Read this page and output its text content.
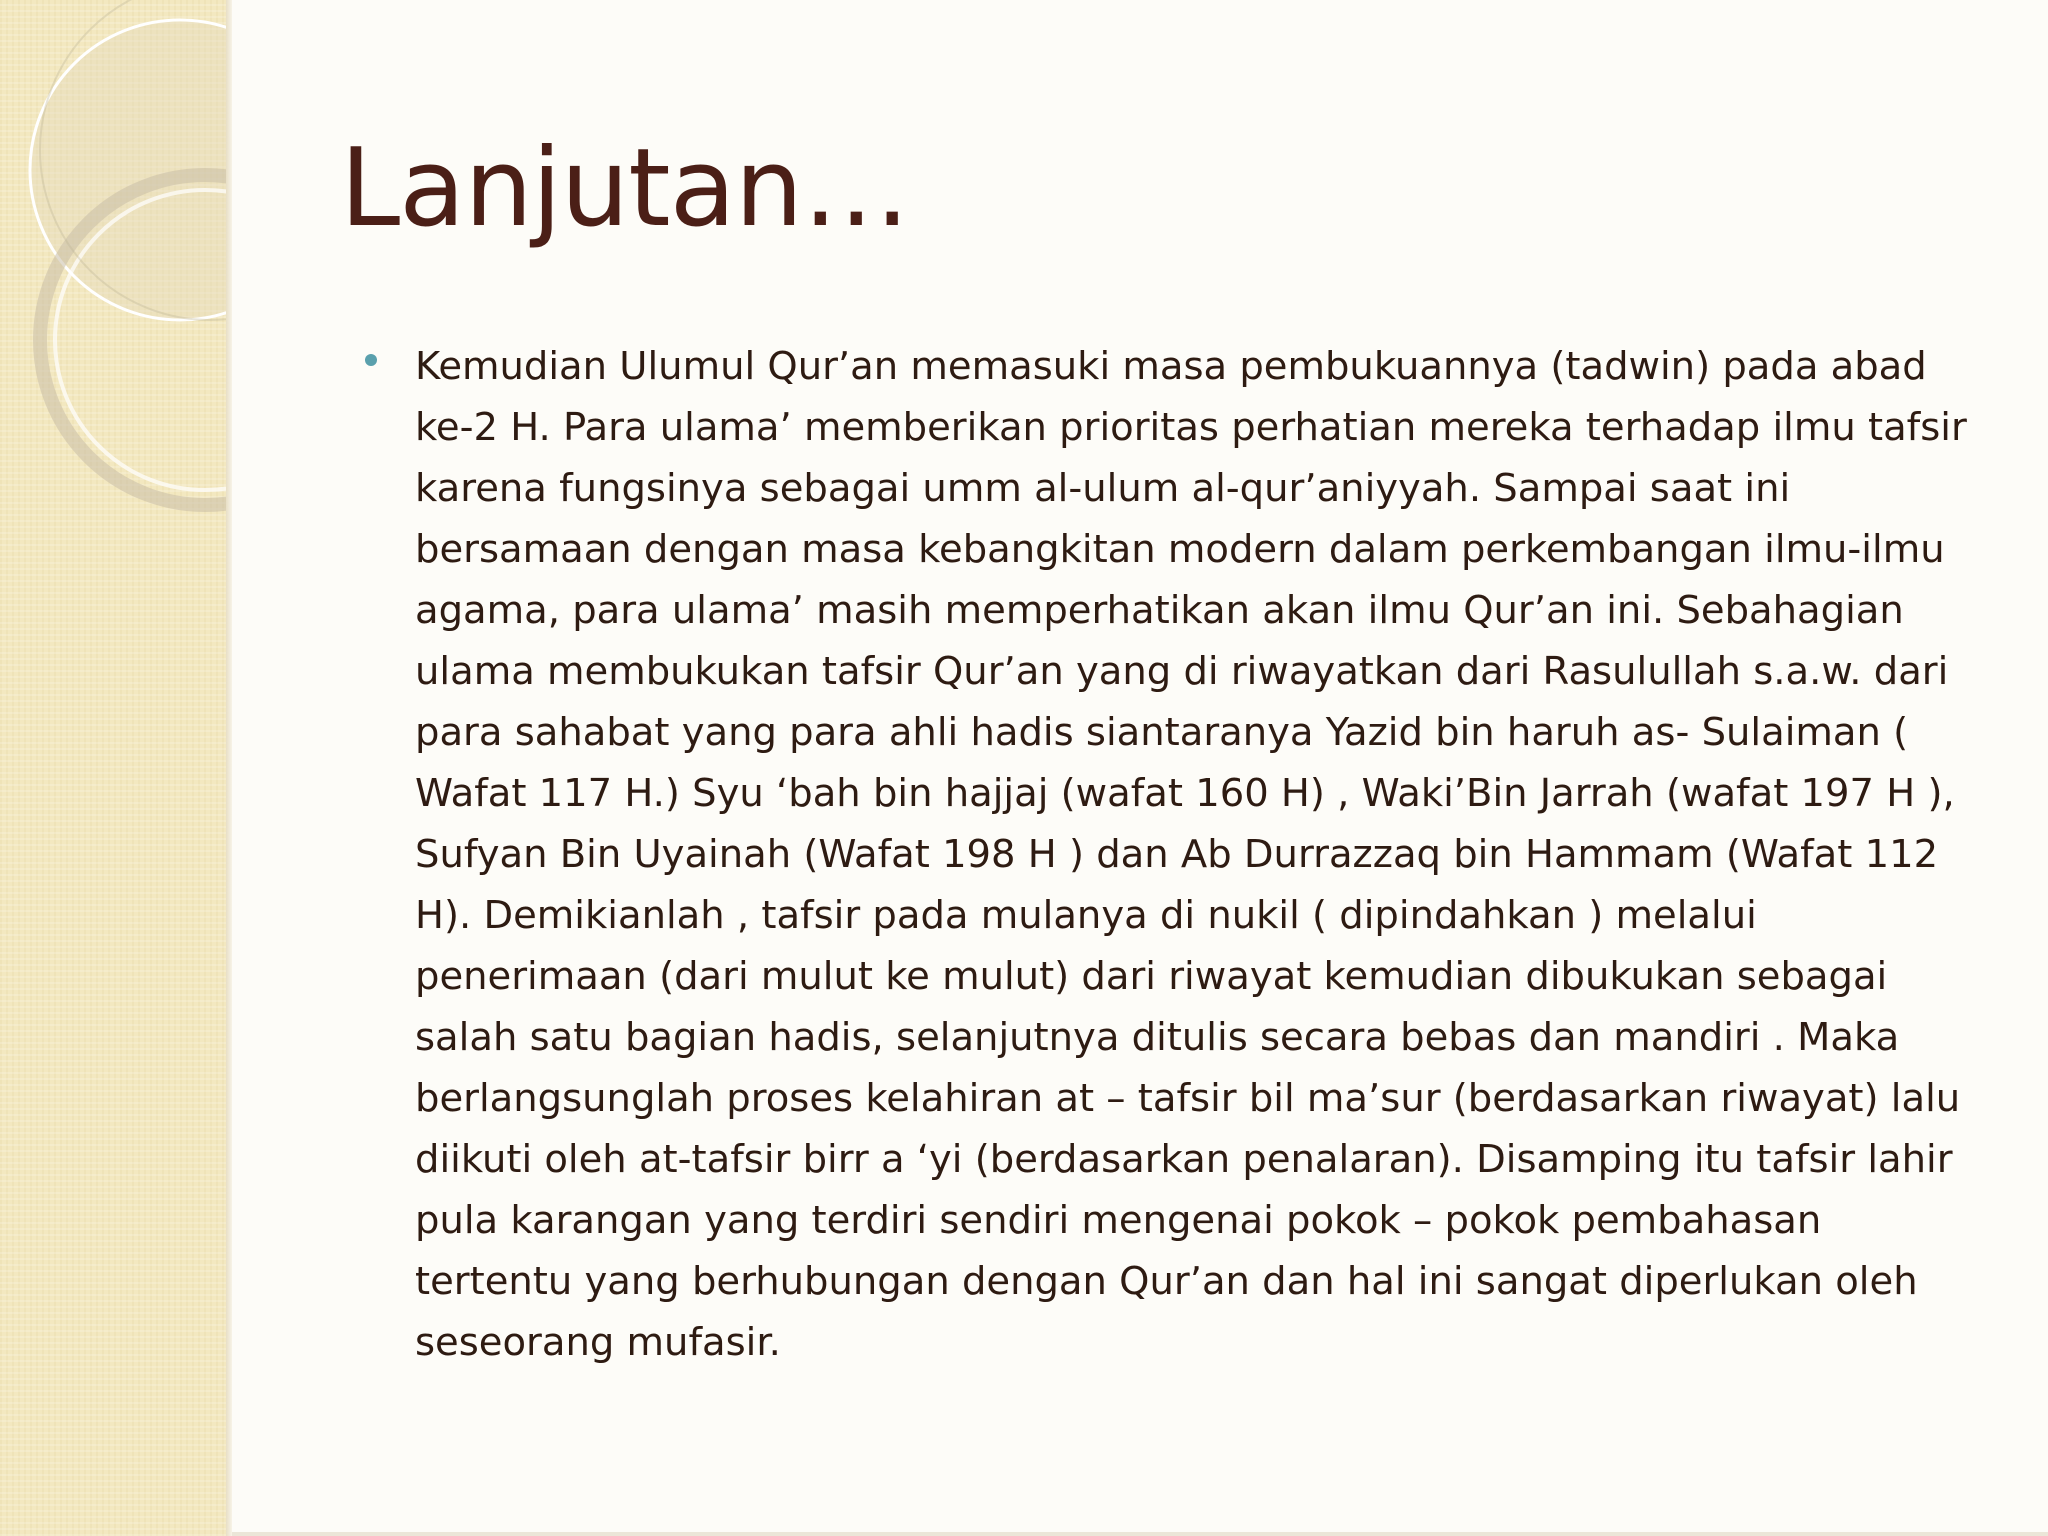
Lanjutan…

Kemudian Ulumul Qur’an memasuki masa pembukuannya (tadwin) pada abad ke-2 H. Para ulama’ memberikan prioritas perhatian mereka terhadap ilmu tafsir karena fungsinya sebagai umm al-ulum al-qur’aniyyah. Sampai saat ini bersamaan dengan masa kebangkitan modern dalam perkembangan ilmu-ilmu agama, para ulama’ masih memperhatikan akan ilmu Qur’an ini. Sebahagian ulama membukukan tafsir Qur’an yang di riwayatkan dari Rasulullah s.a.w. dari para sahabat yang para ahli hadis siantaranya Yazid bin haruh as- Sulaiman ( Wafat 117 H.) Syu ‘bah bin hajjaj (wafat 160 H) , Waki’Bin Jarrah (wafat 197 H ), Sufyan Bin Uyainah (Wafat 198 H ) dan Ab Durrazzaq bin Hammam (Wafat 112 H). Demikianlah , tafsir pada mulanya di nukil ( dipindahkan ) melalui penerimaan (dari mulut ke mulut) dari riwayat kemudian dibukukan sebagai salah satu bagian hadis, selanjutnya ditulis secara bebas dan mandiri . Maka berlangsunglah proses kelahiran at – tafsir bil ma’sur (berdasarkan riwayat) lalu diikuti oleh at-tafsir birr a ‘yi (berdasarkan penalaran). Disamping itu tafsir lahir pula karangan yang terdiri sendiri mengenai pokok – pokok pembahasan tertentu yang berhubungan dengan Qur’an dan hal ini sangat diperlukan oleh seseorang mufasir.
